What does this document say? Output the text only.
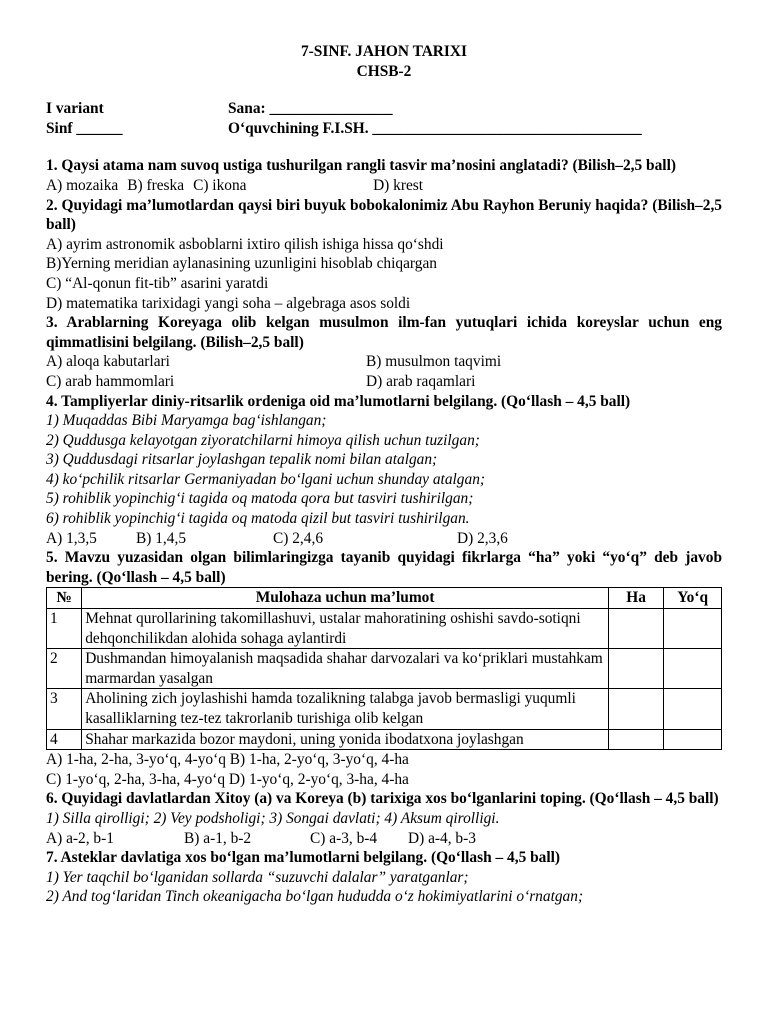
7-SINF. JAHON TARIXI
CHSB-2
I variant	Sana: ________________
Sinf ______	O‘quvchining F.I.SH. ___________________________________
1. Qaysi atama nam suvoq ustiga tushurilgan rangli tasvir ma’nosini anglatadi? (Bilish–2,5 ball)
A) mozaika B) freska C) ikona	D) krest
2. Quyidagi ma’lumotlardan qaysi biri buyuk bobokalonimiz Abu Rayhon Beruniy haqida? (Bilish–2,5 ball)
A) ayrim astronomik asboblarni ixtiro qilish ishiga hissa qo‘shdi
B)Yerning meridian aylanasining uzunligini hisoblab chiqargan
C) “Al-qonun fit-tib” asarini yaratdi
D) matematika tarixidagi yangi soha – algebraga asos soldi
3. Arablarning Koreyaga olib kelgan musulmon ilm-fan yutuqlari ichida koreyslar uchun eng qimmatlisini belgilang. (Bilish–2,5 ball)
A) aloqa kabutarlari	B) musulmon taqvimi
C) arab hammomlari	D) arab raqamlari
4. Tampliyerlar diniy-ritsarlik ordeniga oid ma’lumotlarni belgilang. (Qo‘llash – 4,5 ball)
1) Muqaddas Bibi Maryamga bag‘ishlangan;
2) Quddusga kelayotgan ziyoratchilarni himoya qilish uchun tuzilgan;
3) Quddusdagi ritsarlar joylashgan tepalik nomi bilan atalgan;
4) ko‘pchilik ritsarlar Germaniyadan bo‘lgani uchun shunday atalgan;
5) rohiblik yopinchig‘i tagida oq matoda qora but tasviri tushirilgan;
6) rohiblik yopinchig‘i tagida oq matoda qizil but tasviri tushirilgan.
A) 1,3,5	B) 1,4,5	C) 2,4,6	D) 2,3,6
5. Mavzu yuzasidan olgan bilimlaringizga tayanib quyidagi fikrlarga “ha” yoki “yo‘q” deb javob bering. (Qo‘llash – 4,5 ball)
№	Mulohaza uchun ma’lumot	Ha	Yo‘q
1	Mehnat qurollarining takomillashuvi, ustalar mahoratining oshishi savdo-sotiqni dehqonchilikdan alohida sohaga aylantirdi		
2	Dushmandan himoyalanish maqsadida shahar darvozalari va ko‘priklari mustahkam marmardan yasalgan		
3	Aholining zich joylashishi hamda tozalikning talabga javob bermasligi yuqumli kasalliklarning tez-tez takrorlanib turishiga olib kelgan		
4	Shahar markazida bozor maydoni, uning yonida ibodatxona joylashgan		
A) 1-ha, 2-ha, 3-yo‘q, 4-yo‘q B) 1-ha, 2-yo‘q, 3-yo‘q, 4-ha
C) 1-yo‘q, 2-ha, 3-ha, 4-yo‘q D) 1-yo‘q, 2-yo‘q, 3-ha, 4-ha
6. Quyidagi davlatlardan Xitoy (a) va Koreya (b) tarixiga xos bo‘lganlarini toping. (Qo‘llash – 4,5 ball)
1) Silla qirolligi; 2) Vey podsholigi; 3) Songai davlati; 4) Aksum qirolligi.
A) a-2, b-1	B) a-1, b-2	C) a-3, b-4 D) a-4, b-3
7. Asteklar davlatiga xos bo‘lgan ma’lumotlarni belgilang. (Qo‘llash – 4,5 ball)
1) Yer taqchil bo‘lganidan sollarda “suzuvchi dalalar” yaratganlar;
2) And tog‘laridan Tinch okeanigacha bo‘lgan hududda o‘z hokimiyatlarini o‘rnatgan;
